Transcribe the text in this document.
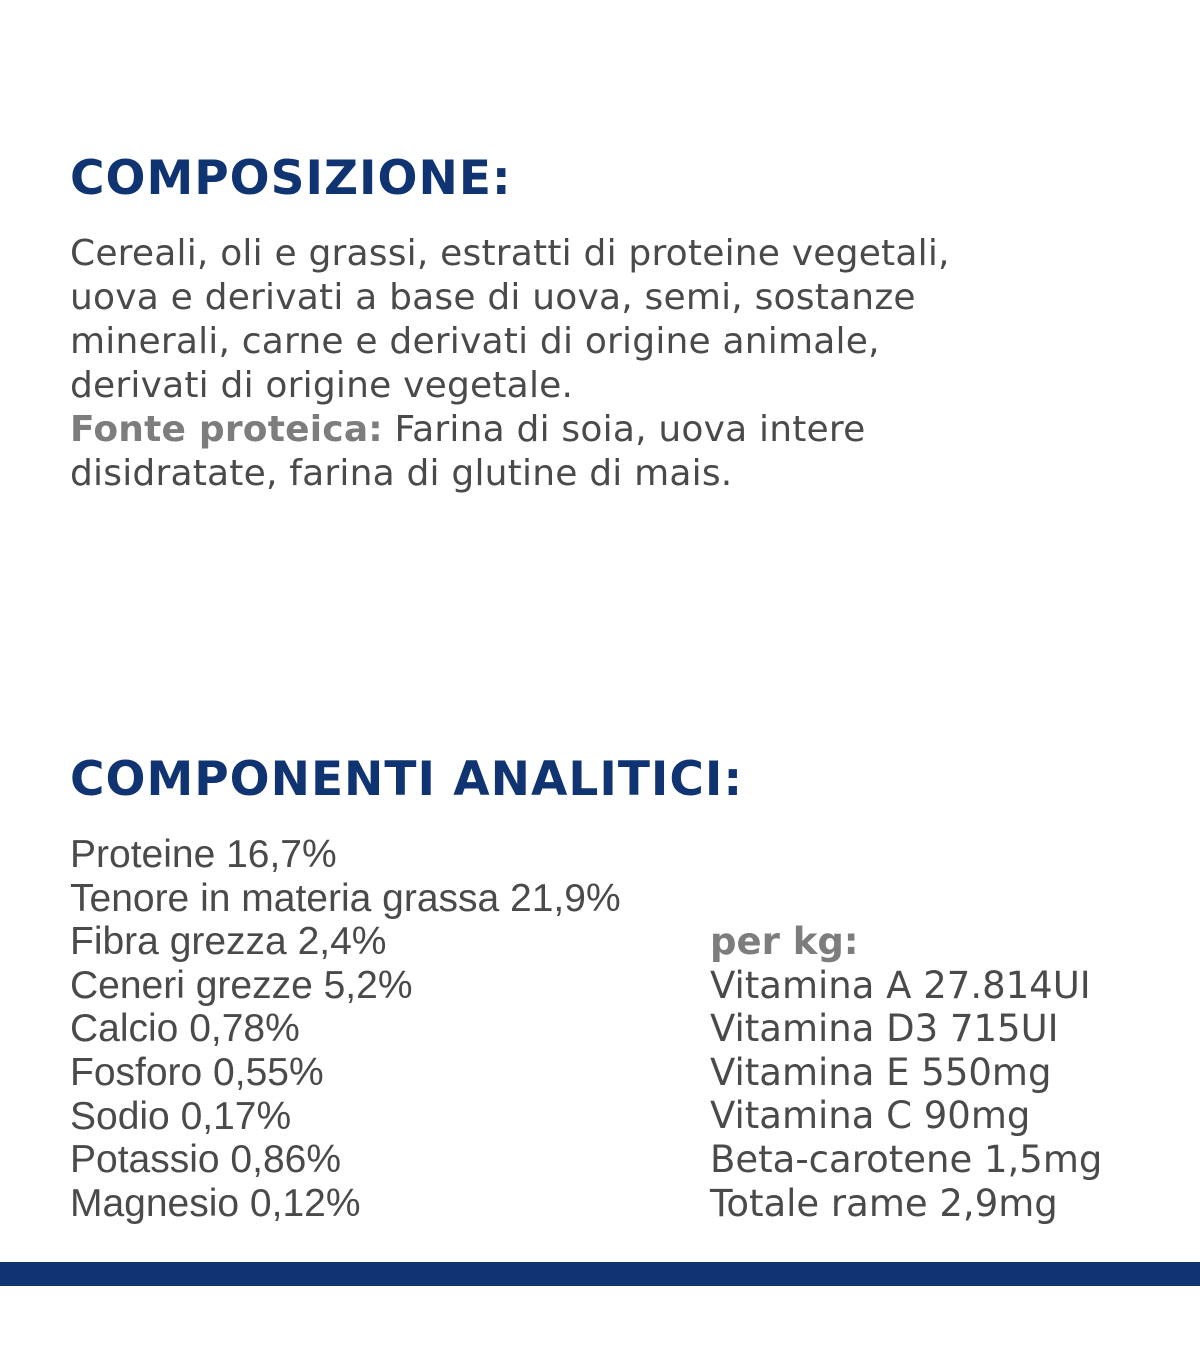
COMPOSIZIONE:

Cereali, oli e grassi, estratti di proteine vegetali,
uova e derivati a base di uova, semi, sostanze
minerali, carne e derivati di origine animale,
derivati di origine vegetale.
Fonte proteica: Farina di soia, uova intere
disidratate, farina di glutine di mais.

COMPONENTI ANALITICI:
Proteine 16,7%
Tenore in materia grassa 21,9%
Fibra grezza 2,4%
Ceneri grezze 5,2%
Calcio 0,78%
Fosforo 0,55%
Sodio 0,17%
Potassio 0,86%
Magnesio 0,12%
per kg:
Vitamina A 27.814UI
Vitamina D3 715UI
Vitamina E 550mg
Vitamina C 90mg
Beta-carotene 1,5mg
Totale rame 2,9mg
